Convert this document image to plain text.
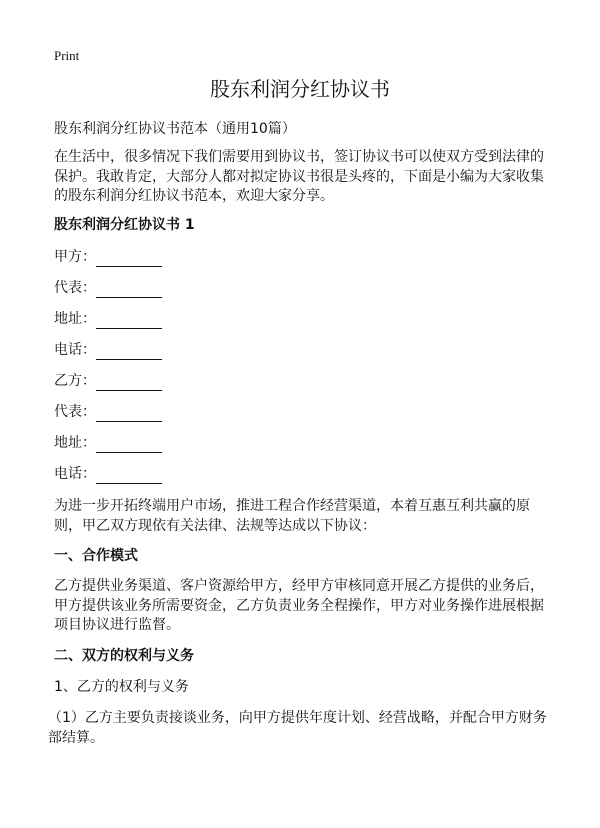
Print
股东利润分红协议书
股东利润分红协议书范本（通用10篇）
在生活中，很多情况下我们需要用到协议书，签订协议书可以使双方受到法律的保护。我敢肯定，大部分人都对拟定协议书很是头疼的，下面是小编为大家收集的股东利润分红协议书范本，欢迎大家分享。
股东利润分红协议书 1
甲方：
代表：
地址：
电话：
乙方：
代表：
地址：
电话：
为进一步开拓终端用户市场，推进工程合作经营渠道，本着互惠互利共赢的原则，甲乙双方现依有关法律、法规等达成以下协议：
一、合作模式
乙方提供业务渠道、客户资源给甲方，经甲方审核同意开展乙方提供的业务后，甲方提供该业务所需要资金，乙方负责业务全程操作，甲方对业务操作进展根据项目协议进行监督。
二、双方的权利与义务
1、乙方的权利与义务
（1）乙方主要负责接谈业务，向甲方提供年度计划、经营战略，并配合甲方财务部结算。
